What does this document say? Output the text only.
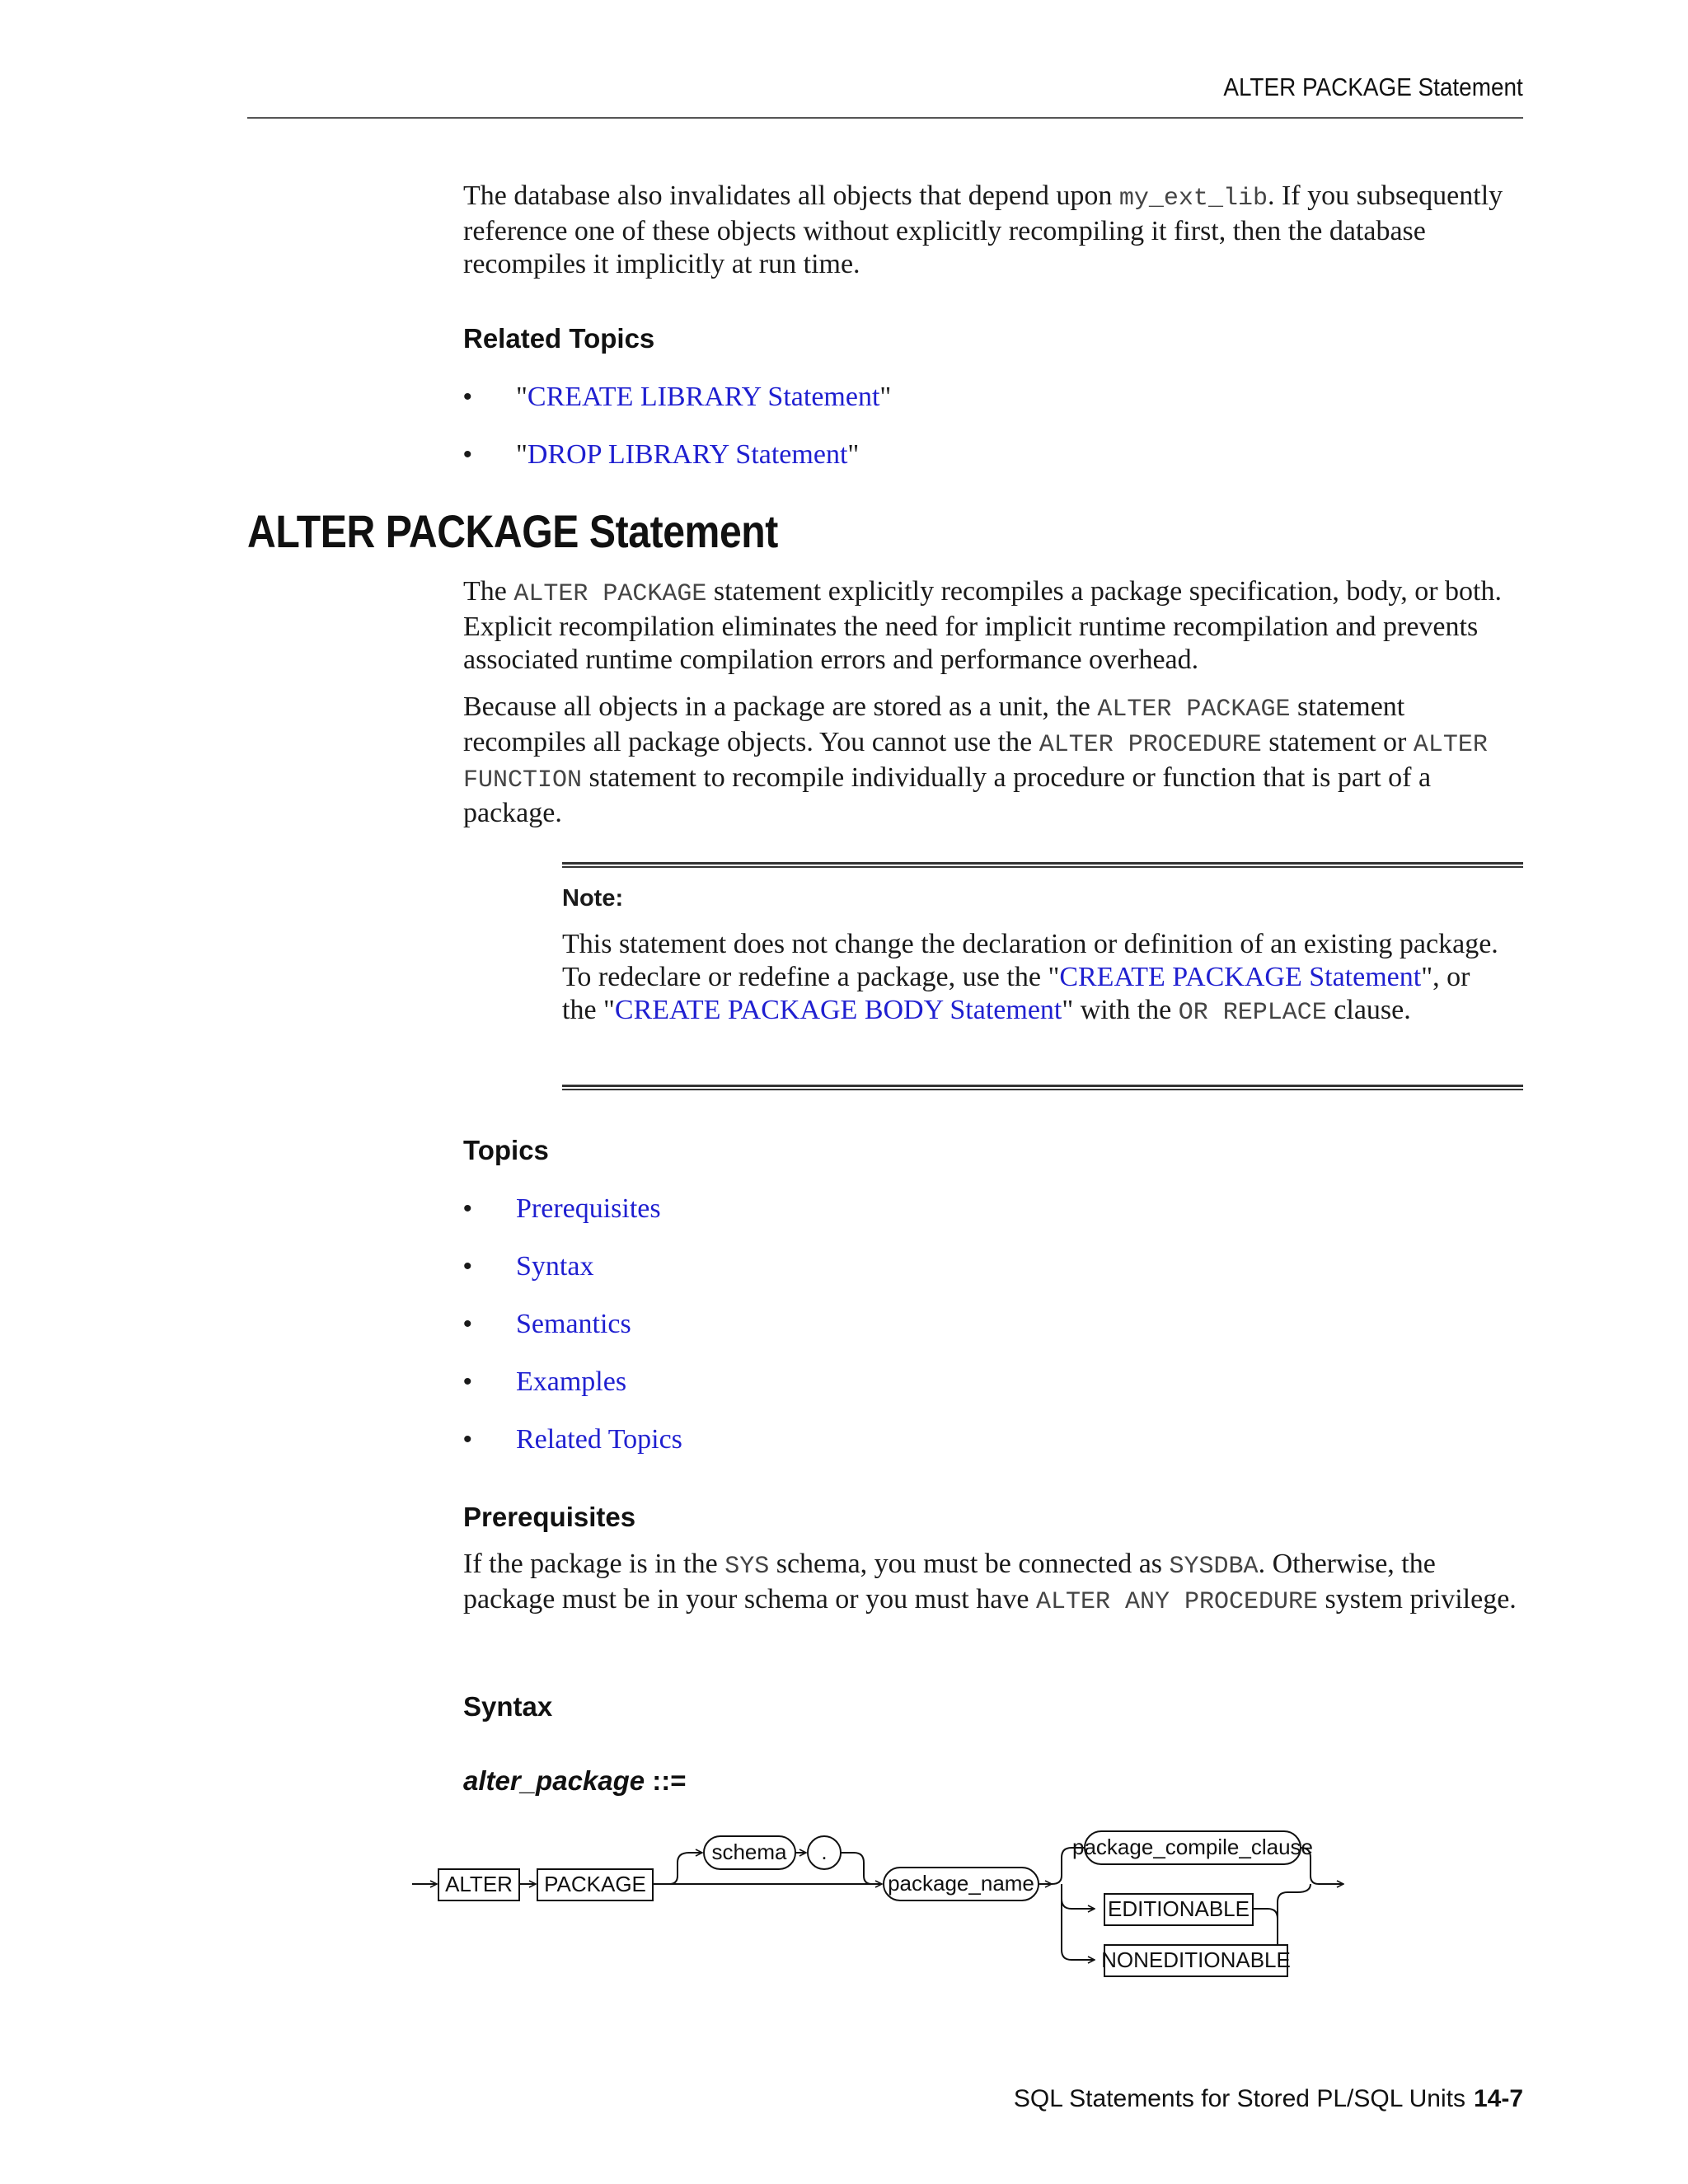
ALTER PACKAGE Statement

The database also invalidates all objects that depend upon my_ext_lib. If you subsequently reference one of these objects without explicitly recompiling it first, then the database recompiles it implicitly at run time.

Related Topics
• "CREATE LIBRARY Statement"
• "DROP LIBRARY Statement"
ALTER PACKAGE Statement

The ALTER PACKAGE statement explicitly recompiles a package specification, body, or both. Explicit recompilation eliminates the need for implicit runtime recompilation and prevents associated runtime compilation errors and performance overhead.

Because all objects in a package are stored as a unit, the ALTER PACKAGE statement recompiles all package objects. You cannot use the ALTER PROCEDURE statement or ALTER FUNCTION statement to recompile individually a procedure or function that is part of a package.

Note:

This statement does not change the declaration or definition of an existing package. To redeclare or redefine a package, use the "CREATE PACKAGE Statement", or the "CREATE PACKAGE BODY Statement" with the OR REPLACE clause.

Topics
• Prerequisites
• Syntax
• Semantics
• Examples
• Related Topics
Prerequisites

If the package is in the SYS schema, you must be connected as SYSDBA. Otherwise, the package must be in your schema or you must have ALTER ANY PROCEDURE system privilege.

Syntax
alter_package ::=
ALTER PACKAGE
EDITIONABLE
NONEDITIONABLE
schema .
package_name
package_compile_clause
SQL Statements for Stored PL/SQL Units 14-7
